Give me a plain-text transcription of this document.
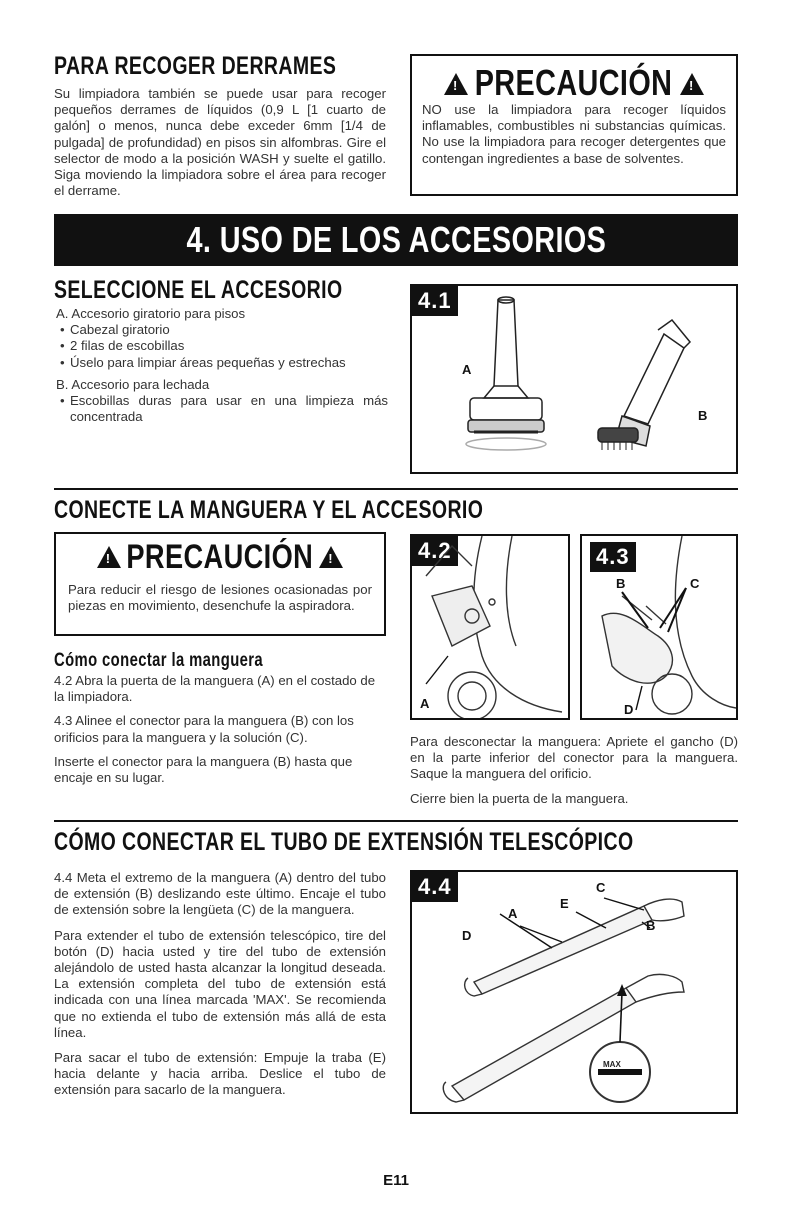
PARA RECOGER DERRAMES
Su limpiadora también se puede usar para recoger pequeños derrames de líquidos (0,9 L [1 cuarto de galón] o menos, nunca debe exceder 6mm [1/4 de pulgada] de profundidad) en pisos sin alfombras. Gire el selector de modo a la posición WASH y suelte el gatillo. Siga moviendo la limpiadora sobre el área para recoger el derrame.
! PRECAUCIÓN !
NO use la limpiadora para recoger líquidos inflamables, combustibles ni substancias químicas. No use la limpiadora para recoger detergentes que contengan ingredientes a base de solventes.
4. USO DE LOS ACCESORIOS
SELECCIONE EL ACCESORIO
A. Accesorio giratorio para pisos
• Cabezal giratorio
• 2 filas de escobillas
• Úselo para limpiar áreas pequeñas y estrechas
B. Accesorio para lechada
• Escobillas duras para usar en una limpieza más concentrada
4.1
A
B
CONECTE LA MANGUERA Y EL ACCESORIO
! PRECAUCIÓN !
Para reducir el riesgo de lesiones ocasionadas por piezas en movimiento, desenchufe la aspiradora.
Cómo conectar la manguera

4.2 Abra la puerta de la manguera (A) en el costado de la limpiadora.

4.3 Alinee el conector para la manguera (B) con los orificios para la manguera y la solución (C).

Inserte el conector para la manguera (B) hasta que encaje en su lugar.

4.2
A
4.3
B	C
D

Para desconectar la manguera: Apriete el gancho (D) en la parte inferior del conector para la manguera. Saque la manguera del orificio.

Cierre bien la puerta de la manguera.

CÓMO CONECTAR EL TUBO DE EXTENSIÓN TELESCÓPICO

4.4 Meta el extremo de la manguera (A) dentro del tubo de extensión (B) deslizando este último. Encaje el tubo de extensión sobre la lengüeta (C) de la manguera.

Para extender el tubo de extensión telescópico, tire del botón (D) hacia usted y tire del tubo de extensión alejándolo de usted hasta alcanzar la longitud deseada. La extensión completa del tubo de extensión está indicada con una línea marcada 'MAX'. Se recomienda que no extienda el tubo de extensión más allá de esta línea.

Para sacar el tubo de extensión: Empuje la traba (E) hacia delante y hacia arriba. Deslice el tubo de extensión para sacarlo de la manguera.

4.4	C
E
A
B
D
MAX
E11
